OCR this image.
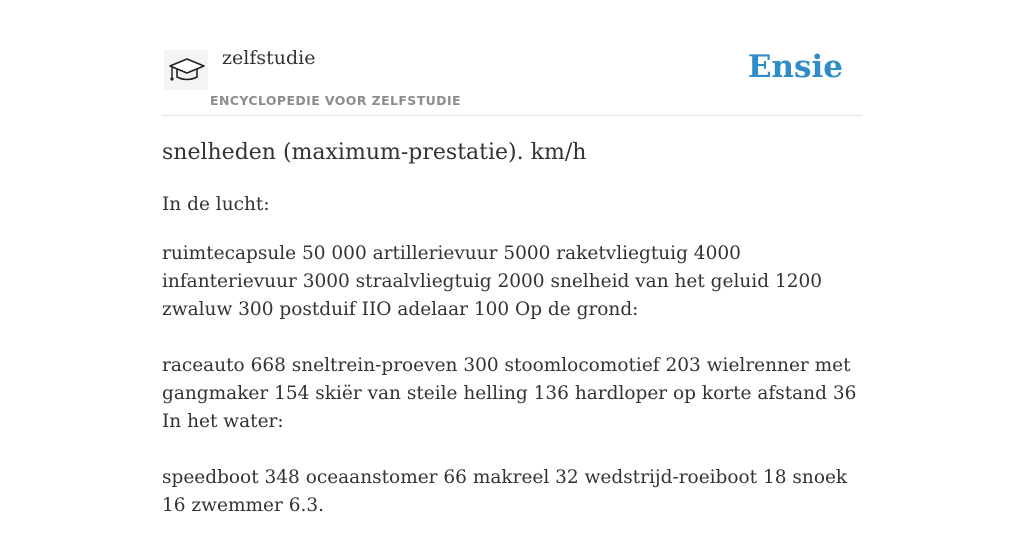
zelfstudie
ENCYCLOPEDIE VOOR ZELFSTUDIE
Ensie
snelheden (maximum-prestatie). km/h

In de lucht:

ruimtecapsule 50 000 artillerievuur 5000 raketvliegtuig 4000 infanterievuur 3000 straalvliegtuig 2000 snelheid van het geluid 1200 zwaluw 300 postduif IIO adelaar 100 Op de grond:

raceauto 668 sneltrein-proeven 300 stoomlocomotief 203 wielrenner met gangmaker 154 skiër van steile helling 136 hardloper op korte afstand 36 In het water:

speedboot 348 oceaanstomer 66 makreel 32 wedstrijd-roeiboot 18 snoek 16 zwemmer 6.3.
